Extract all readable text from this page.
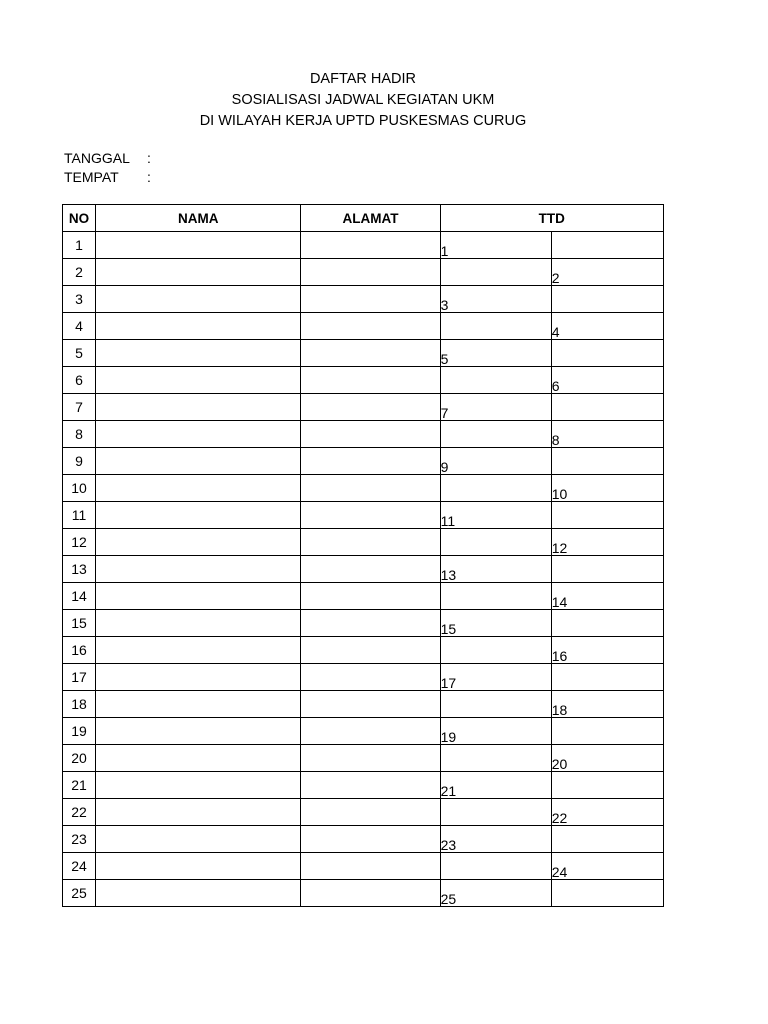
DAFTAR HADIR
SOSIALISASI JADWAL KEGIATAN UKM
DI WILAYAH KERJA UPTD PUSKESMAS CURUG
TANGGAL :
TEMPAT :
NO	NAMA	ALAMAT	TTD	
1			1	
2				2
3			3	
4				4
5			5	
6				6
7			7	
8				8
9			9	
10				10
11			11	
12				12
13			13	
14				14
15			15	
16				16
17			17	
18				18
19			19	
20				20
21			21	
22				22
23			23	
24				24
25			25	
